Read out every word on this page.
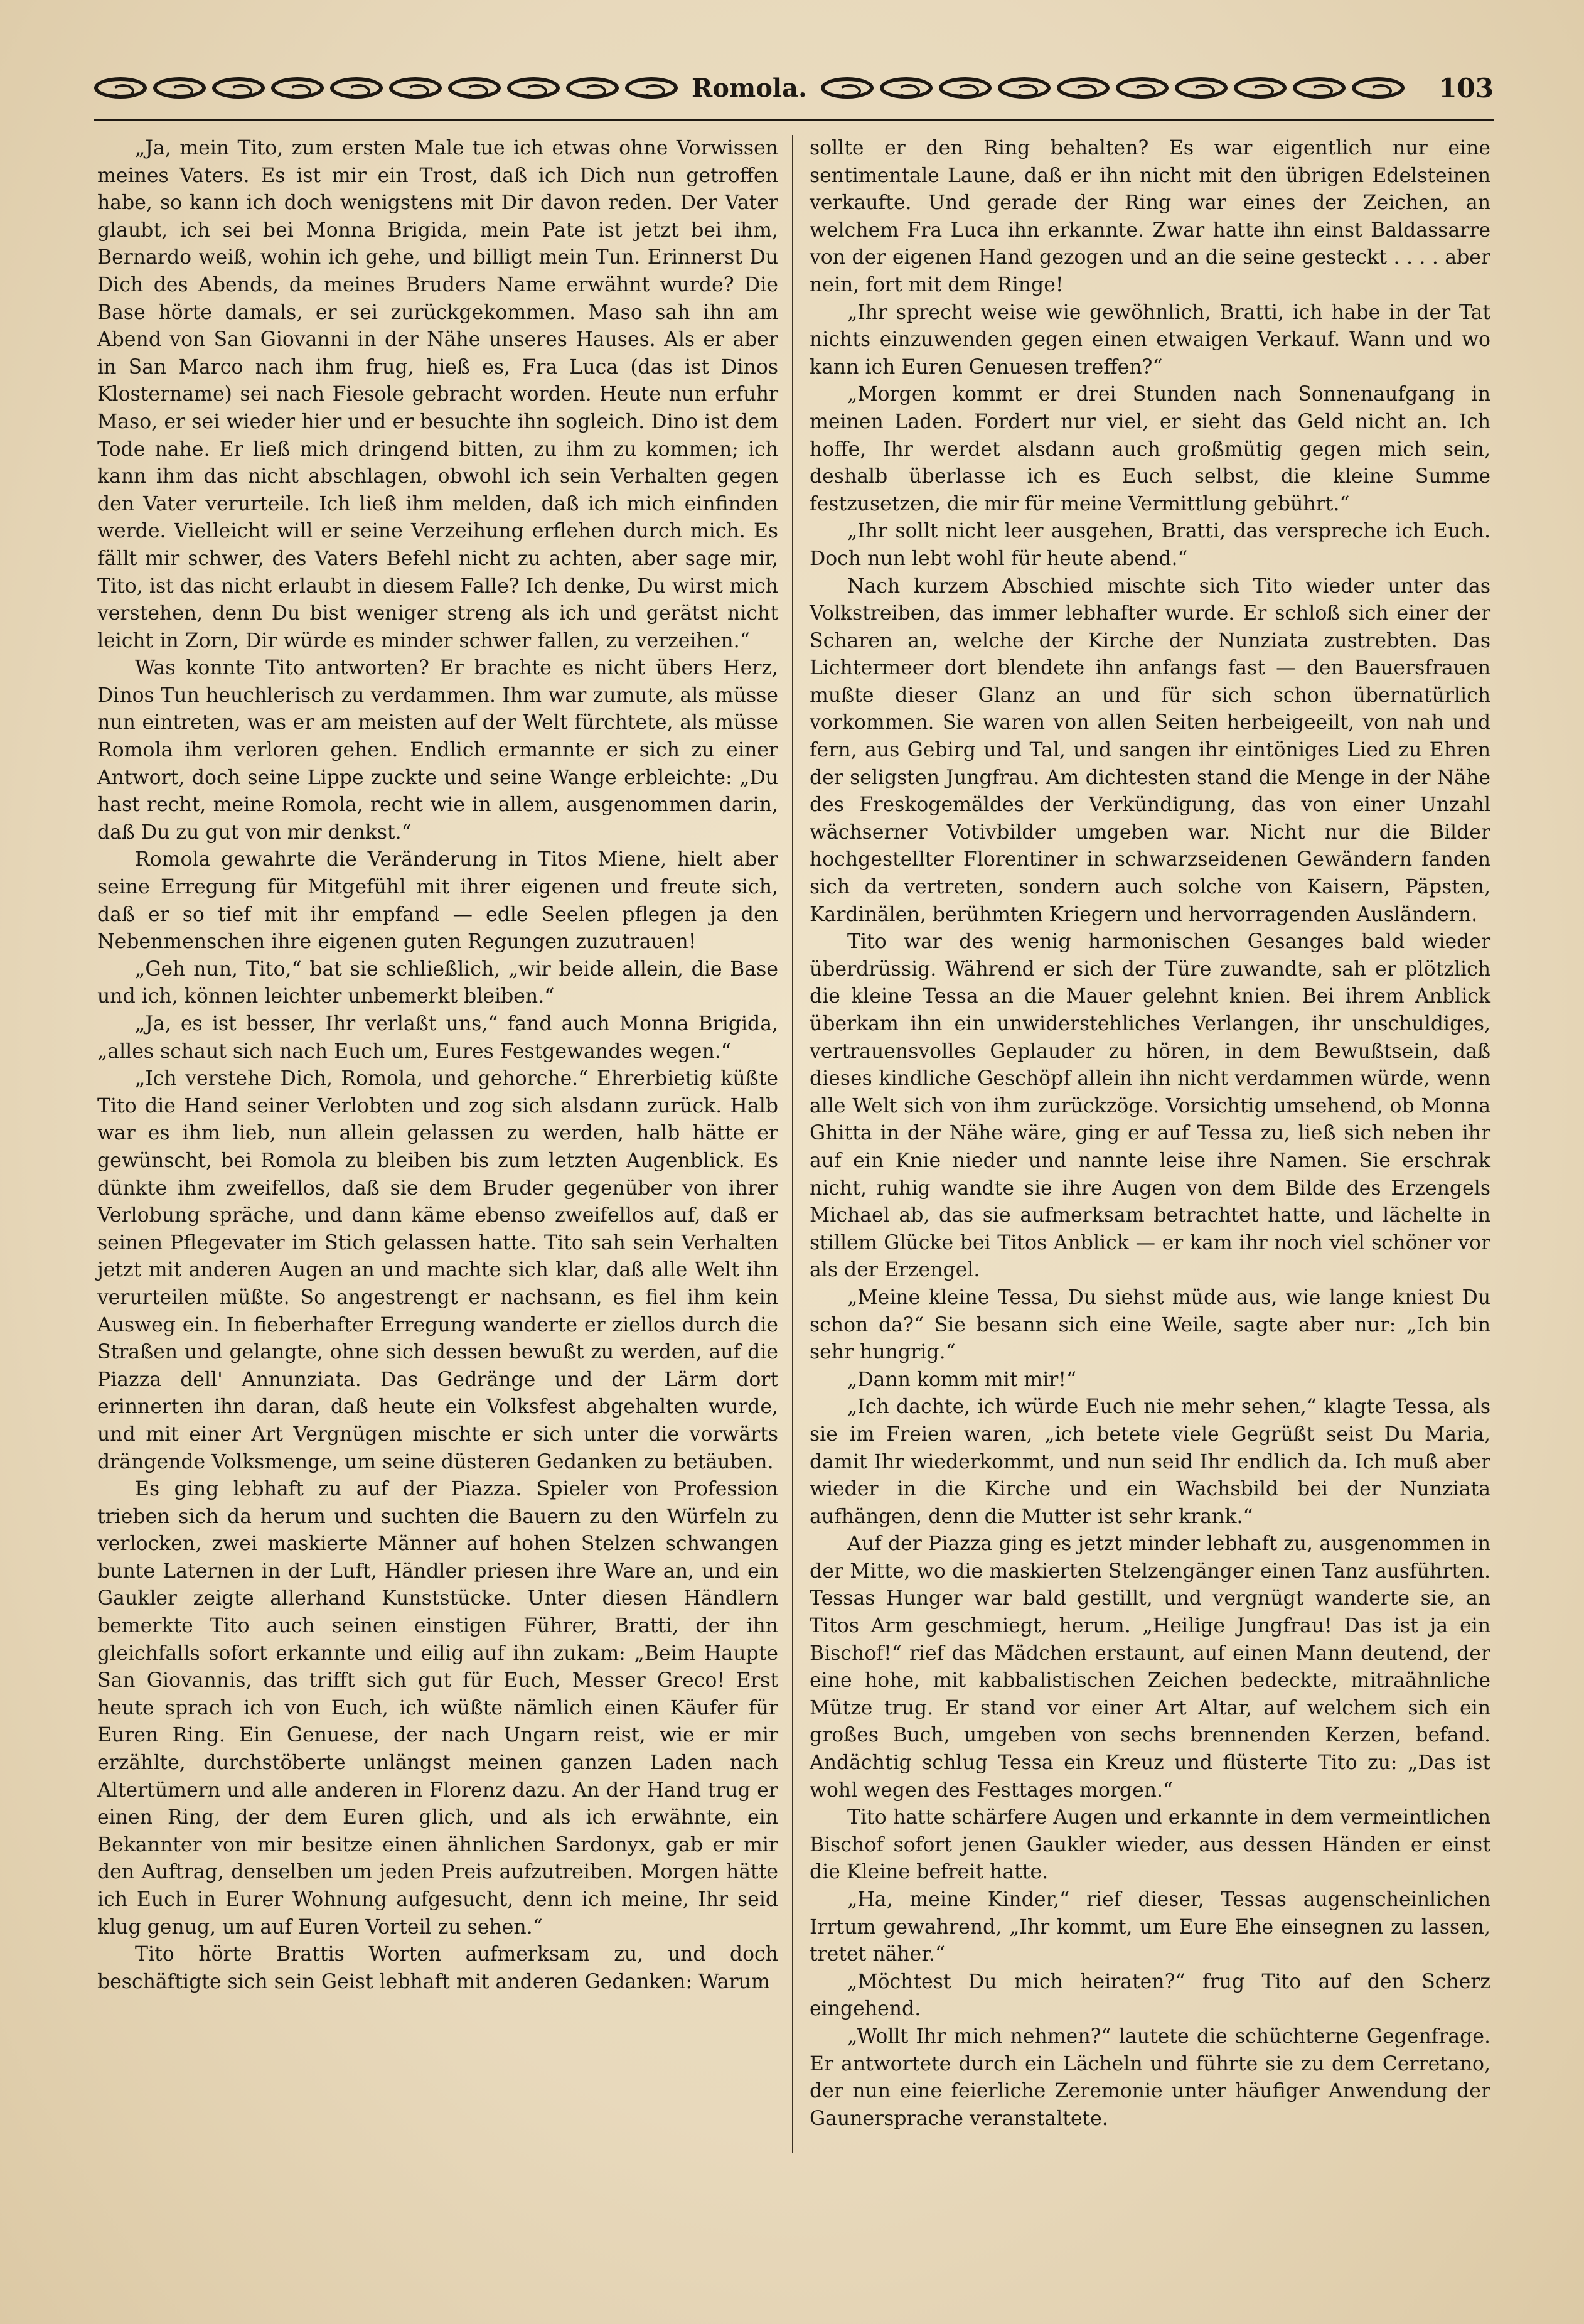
Romola.	103

„Ja, mein Tito, zum ersten Male tue ich etwas ohne Vorwissen meines Vaters. Es ist mir ein Trost, daß ich Dich nun getroffen habe, so kann ich doch wenigstens mit Dir davon reden. Der Vater glaubt, ich sei bei Monna Brigida, mein Pate ist jetzt bei ihm, Bernardo weiß, wohin ich gehe, und billigt mein Tun. Erinnerst Du Dich des Abends, da meines Bruders Name erwähnt wurde? Die Base hörte damals, er sei zurückgekommen. Maso sah ihn am Abend von San Giovanni in der Nähe unseres Hauses. Als er aber in San Marco nach ihm frug, hieß es, Fra Luca (das ist Dinos Klostername) sei nach Fiesole gebracht worden. Heute nun erfuhr Maso, er sei wieder hier und er besuchte ihn sogleich. Dino ist dem Tode nahe. Er ließ mich dringend bitten, zu ihm zu kommen; ich kann ihm das nicht abschlagen, obwohl ich sein Verhalten gegen den Vater verurteile. Ich ließ ihm melden, daß ich mich einfinden werde. Vielleicht will er seine Verzeihung erflehen durch mich. Es fällt mir schwer, des Vaters Befehl nicht zu achten, aber sage mir, Tito, ist das nicht erlaubt in diesem Falle? Ich denke, Du wirst mich verstehen, denn Du bist weniger streng als ich und gerätst nicht leicht in Zorn, Dir würde es minder schwer fallen, zu verzeihen.“

Was konnte Tito antworten? Er brachte es nicht übers Herz, Dinos Tun heuchlerisch zu verdammen. Ihm war zumute, als müsse nun eintreten, was er am meisten auf der Welt fürchtete, als müsse Romola ihm verloren gehen. Endlich ermannte er sich zu einer Antwort, doch seine Lippe zuckte und seine Wange erbleichte: „Du hast recht, meine Romola, recht wie in allem, ausgenommen darin, daß Du zu gut von mir denkst.“

Romola gewahrte die Veränderung in Titos Miene, hielt aber seine Erregung für Mitgefühl mit ihrer eigenen und freute sich, daß er so tief mit ihr empfand — edle Seelen pflegen ja den Nebenmenschen ihre eigenen guten Regungen zuzutrauen!

„Geh nun, Tito,“ bat sie schließlich, „wir beide allein, die Base und ich, können leichter unbemerkt bleiben.“

„Ja, es ist besser, Ihr verlaßt uns,“ fand auch Monna Brigida, „alles schaut sich nach Euch um, Eures Festgewandes wegen.“

„Ich verstehe Dich, Romola, und gehorche.“ Ehrerbietig küßte Tito die Hand seiner Verlobten und zog sich alsdann zurück. Halb war es ihm lieb, nun allein gelassen zu werden, halb hätte er gewünscht, bei Romola zu bleiben bis zum letzten Augenblick. Es dünkte ihm zweifellos, daß sie dem Bruder gegenüber von ihrer Verlobung spräche, und dann käme ebenso zweifellos auf, daß er seinen Pflegevater im Stich gelassen hatte. Tito sah sein Verhalten jetzt mit anderen Augen an und machte sich klar, daß alle Welt ihn verurteilen müßte. So angestrengt er nachsann, es fiel ihm kein Ausweg ein. In fieberhafter Erregung wanderte er ziellos durch die Straßen und gelangte, ohne sich dessen bewußt zu werden, auf die Piazza dell' Annunziata. Das Gedränge und der Lärm dort erinnerten ihn daran, daß heute ein Volksfest abgehalten wurde, und mit einer Art Vergnügen mischte er sich unter die vorwärts drängende Volksmenge, um seine düsteren Gedanken zu betäuben.

Es ging lebhaft zu auf der Piazza. Spieler von Profession trieben sich da herum und suchten die Bauern zu den Würfeln zu verlocken, zwei maskierte Männer auf hohen Stelzen schwangen bunte Laternen in der Luft, Händler priesen ihre Ware an, und ein Gaukler zeigte allerhand Kunststücke. Unter diesen Händlern bemerkte Tito auch seinen einstigen Führer, Bratti, der ihn gleichfalls sofort erkannte und eilig auf ihn zukam: „Beim Haupte San Giovannis, das trifft sich gut für Euch, Messer Greco! Erst heute sprach ich von Euch, ich wüßte nämlich einen Käufer für Euren Ring. Ein Genuese, der nach Ungarn reist, wie er mir erzählte, durchstöberte unlängst meinen ganzen Laden nach Altertümern und alle anderen in Florenz dazu. An der Hand trug er einen Ring, der dem Euren glich, und als ich erwähnte, ein Bekannter von mir besitze einen ähnlichen Sardonyx, gab er mir den Auftrag, denselben um jeden Preis aufzutreiben. Morgen hätte ich Euch in Eurer Wohnung aufgesucht, denn ich meine, Ihr seid klug genug, um auf Euren Vorteil zu sehen.“

Tito hörte Brattis Worten aufmerksam zu, und doch beschäftigte sich sein Geist lebhaft mit anderen Gedanken: Warum

sollte er den Ring behalten? Es war eigentlich nur eine sentimentale Laune, daß er ihn nicht mit den übrigen Edelsteinen verkaufte. Und gerade der Ring war eines der Zeichen, an welchem Fra Luca ihn erkannte. Zwar hatte ihn einst Baldassarre von der eigenen Hand gezogen und an die seine gesteckt . . . . aber nein, fort mit dem Ringe!

„Ihr sprecht weise wie gewöhnlich, Bratti, ich habe in der Tat nichts einzuwenden gegen einen etwaigen Verkauf. Wann und wo kann ich Euren Genuesen treffen?“

„Morgen kommt er drei Stunden nach Sonnenaufgang in meinen Laden. Fordert nur viel, er sieht das Geld nicht an. Ich hoffe, Ihr werdet alsdann auch großmütig gegen mich sein, deshalb überlasse ich es Euch selbst, die kleine Summe festzusetzen, die mir für meine Vermittlung gebührt.“

„Ihr sollt nicht leer ausgehen, Bratti, das verspreche ich Euch. Doch nun lebt wohl für heute abend.“

Nach kurzem Abschied mischte sich Tito wieder unter das Volkstreiben, das immer lebhafter wurde. Er schloß sich einer der Scharen an, welche der Kirche der Nunziata zustrebten. Das Lichtermeer dort blendete ihn anfangs fast — den Bauersfrauen mußte dieser Glanz an und für sich schon übernatürlich vorkommen. Sie waren von allen Seiten herbeigeeilt, von nah und fern, aus Gebirg und Tal, und sangen ihr eintöniges Lied zu Ehren der seligsten Jungfrau. Am dichtesten stand die Menge in der Nähe des Freskogemäldes der Verkündigung, das von einer Unzahl wächserner Votivbilder umgeben war. Nicht nur die Bilder hochgestellter Florentiner in schwarzseidenen Gewändern fanden sich da vertreten, sondern auch solche von Kaisern, Päpsten, Kardinälen, berühmten Kriegern und hervorragenden Ausländern.

Tito war des wenig harmonischen Gesanges bald wieder überdrüssig. Während er sich der Türe zuwandte, sah er plötzlich die kleine Tessa an die Mauer gelehnt knien. Bei ihrem Anblick überkam ihn ein unwiderstehliches Verlangen, ihr unschuldiges, vertrauensvolles Geplauder zu hören, in dem Bewußtsein, daß dieses kindliche Geschöpf allein ihn nicht verdammen würde, wenn alle Welt sich von ihm zurückzöge. Vorsichtig umsehend, ob Monna Ghitta in der Nähe wäre, ging er auf Tessa zu, ließ sich neben ihr auf ein Knie nieder und nannte leise ihre Namen. Sie erschrak nicht, ruhig wandte sie ihre Augen von dem Bilde des Erzengels Michael ab, das sie aufmerksam betrachtet hatte, und lächelte in stillem Glücke bei Titos Anblick — er kam ihr noch viel schöner vor als der Erzengel.

„Meine kleine Tessa, Du siehst müde aus, wie lange kniest Du schon da?“ Sie besann sich eine Weile, sagte aber nur: „Ich bin sehr hungrig.“

„Dann komm mit mir!“

„Ich dachte, ich würde Euch nie mehr sehen,“ klagte Tessa, als sie im Freien waren, „ich betete viele Gegrüßt seist Du Maria, damit Ihr wiederkommt, und nun seid Ihr endlich da. Ich muß aber wieder in die Kirche und ein Wachsbild bei der Nunziata aufhängen, denn die Mutter ist sehr krank.“

Auf der Piazza ging es jetzt minder lebhaft zu, ausgenommen in der Mitte, wo die maskierten Stelzengänger einen Tanz ausführten. Tessas Hunger war bald gestillt, und vergnügt wanderte sie, an Titos Arm geschmiegt, herum. „Heilige Jungfrau! Das ist ja ein Bischof!“ rief das Mädchen erstaunt, auf einen Mann deutend, der eine hohe, mit kabbalistischen Zeichen bedeckte, mitraähnliche Mütze trug. Er stand vor einer Art Altar, auf welchem sich ein großes Buch, umgeben von sechs brennenden Kerzen, befand. Andächtig schlug Tessa ein Kreuz und flüsterte Tito zu: „Das ist wohl wegen des Festtages morgen.“

Tito hatte schärfere Augen und erkannte in dem vermeintlichen Bischof sofort jenen Gaukler wieder, aus dessen Händen er einst die Kleine befreit hatte.

„Ha, meine Kinder,“ rief dieser, Tessas augenscheinlichen Irrtum gewahrend, „Ihr kommt, um Eure Ehe einsegnen zu lassen, tretet näher.“

„Möchtest Du mich heiraten?“ frug Tito auf den Scherz eingehend.

„Wollt Ihr mich nehmen?“ lautete die schüchterne Gegenfrage. Er antwortete durch ein Lächeln und führte sie zu dem Cerretano, der nun eine feierliche Zeremonie unter häufiger Anwendung der Gaunersprache veranstaltete.
